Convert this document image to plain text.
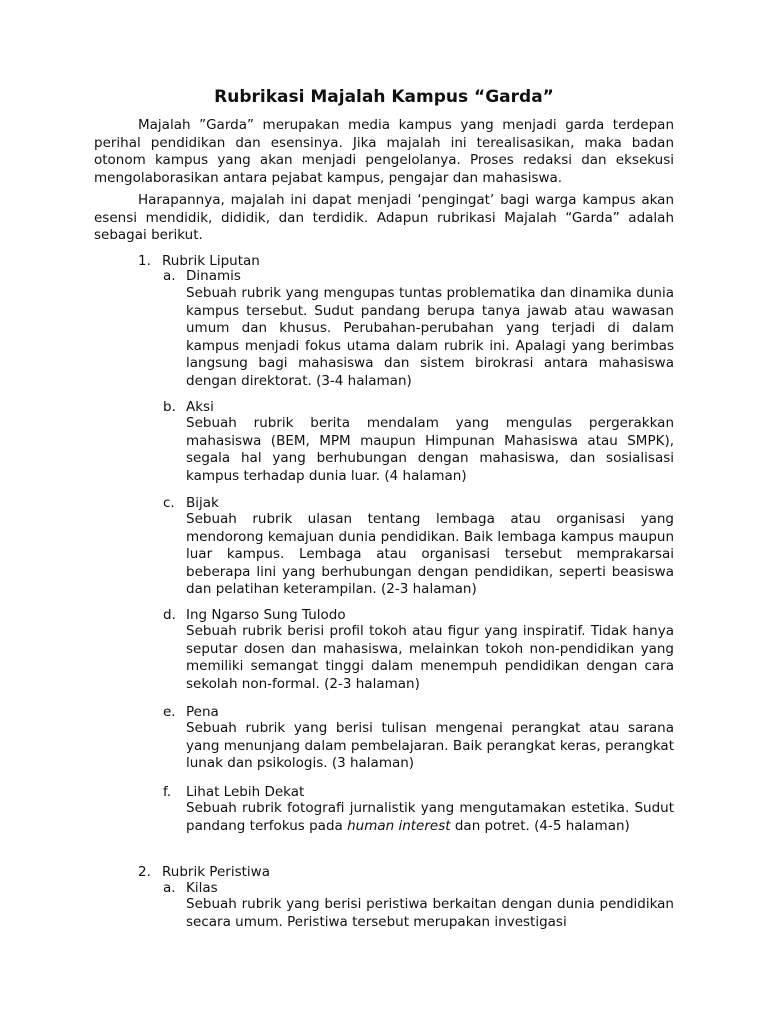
Rubrikasi Majalah Kampus “Garda”

Majalah ”Garda” merupakan media kampus yang menjadi garda terdepan perihal pendidikan dan esensinya. Jika majalah ini terealisasikan, maka badan otonom kampus yang akan menjadi pengelolanya. Proses redaksi dan eksekusi mengolaborasikan antara pejabat kampus, pengajar dan mahasiswa.

Harapannya, majalah ini dapat menjadi ‘pengingat’ bagi warga kampus akan esensi mendidik, dididik, dan terdidik. Adapun rubrikasi Majalah “Garda” adalah sebagai berikut.

1. Rubrik Liputan
a. Dinamis

Sebuah rubrik yang mengupas tuntas problematika dan dinamika dunia kampus tersebut. Sudut pandang berupa tanya jawab atau wawasan umum dan khusus. Perubahan-perubahan yang terjadi di dalam kampus menjadi fokus utama dalam rubrik ini. Apalagi yang berimbas langsung bagi mahasiswa dan sistem birokrasi antara mahasiswa dengan direktorat. (3-4 halaman)

b. Aksi

Sebuah rubrik berita mendalam yang mengulas pergerakkan mahasiswa (BEM, MPM maupun Himpunan Mahasiswa atau SMPK), segala hal yang berhubungan dengan mahasiswa, dan sosialisasi kampus terhadap dunia luar. (4 halaman)

c. Bijak

Sebuah rubrik ulasan tentang lembaga atau organisasi yang mendorong kemajuan dunia pendidikan. Baik lembaga kampus maupun luar kampus. Lembaga atau organisasi tersebut memprakarsai beberapa lini yang berhubungan dengan pendidikan, seperti beasiswa dan pelatihan keterampilan. (2-3 halaman)

d. Ing Ngarso Sung Tulodo

Sebuah rubrik berisi profil tokoh atau figur yang inspiratif. Tidak hanya seputar dosen dan mahasiswa, melainkan tokoh non-pendidikan yang memiliki semangat tinggi dalam menempuh pendidikan dengan cara sekolah non-formal. (2-3 halaman)

e. Pena

Sebuah rubrik yang berisi tulisan mengenai perangkat atau sarana yang menunjang dalam pembelajaran. Baik perangkat keras, perangkat lunak dan psikologis. (3 halaman)

f. Lihat Lebih Dekat

Sebuah rubrik fotografi jurnalistik yang mengutamakan estetika. Sudut pandang terfokus pada human interest dan potret. (4-5 halaman)

2. Rubrik Peristiwa
a. Kilas

Sebuah rubrik yang berisi peristiwa berkaitan dengan dunia pendidikan secara umum. Peristiwa tersebut merupakan investigasi
